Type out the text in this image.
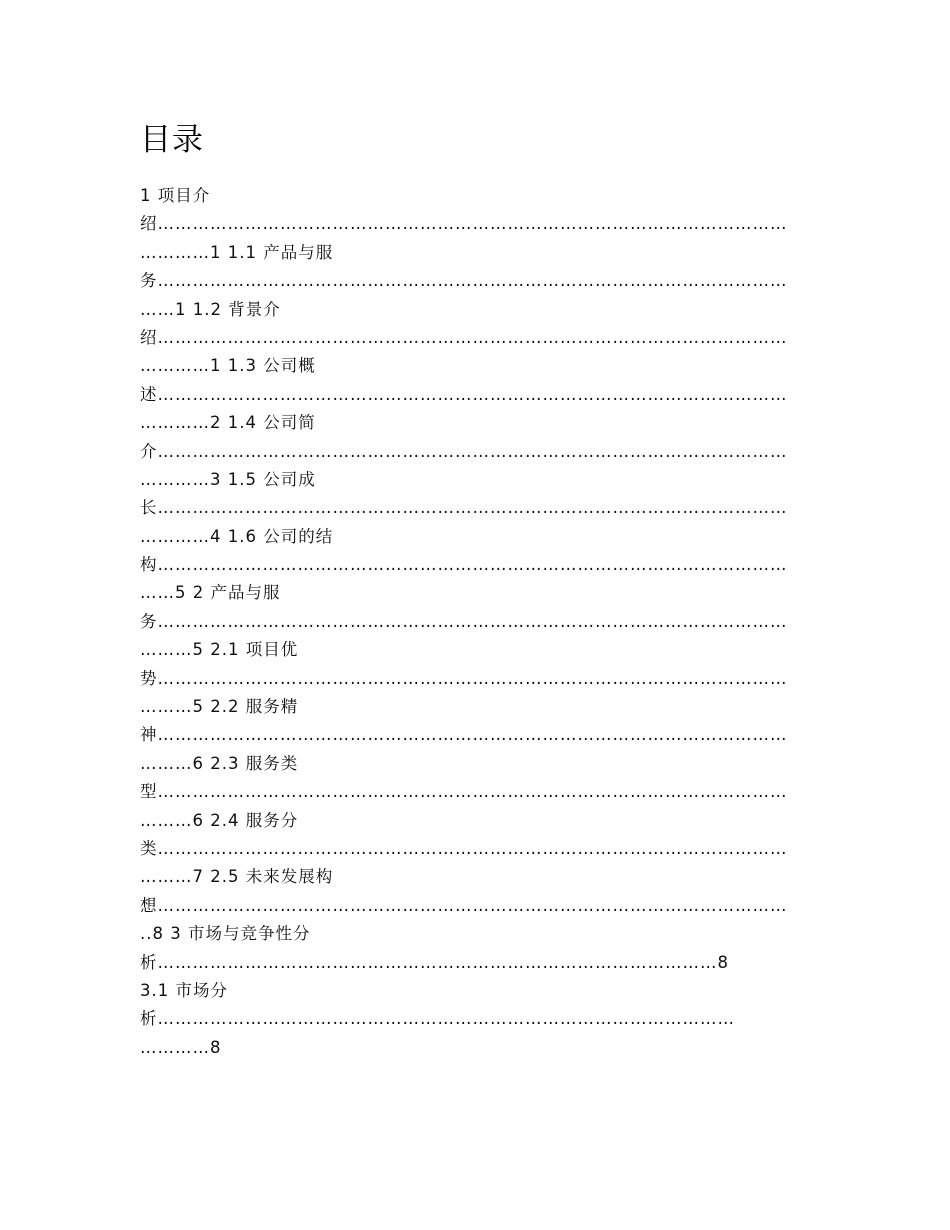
目录
1 项目介
绍………………………………………………………………………………………………
…………1 1.1 产品与服
务………………………………………………………………………………………………
……1 1.2 背景介
绍………………………………………………………………………………………………
…………1 1.3 公司概
述………………………………………………………………………………………………
…………2 1.4 公司简
介………………………………………………………………………………………………
…………3 1.5 公司成
长………………………………………………………………………………………………
…………4 1.6 公司的结
构………………………………………………………………………………………………
……5 2 产品与服
务………………………………………………………………………………………………
………5 2.1 项目优
势………………………………………………………………………………………………
………5 2.2 服务精
神………………………………………………………………………………………………
………6 2.3 服务类
型………………………………………………………………………………………………
………6 2.4 服务分
类………………………………………………………………………………………………
………7 2.5 未来发展构
想………………………………………………………………………………………………
..8 3 市场与竞争性分
析……………………………………………………………………………………8
3.1 市场分
析………………………………………………………………………………………
…………8
